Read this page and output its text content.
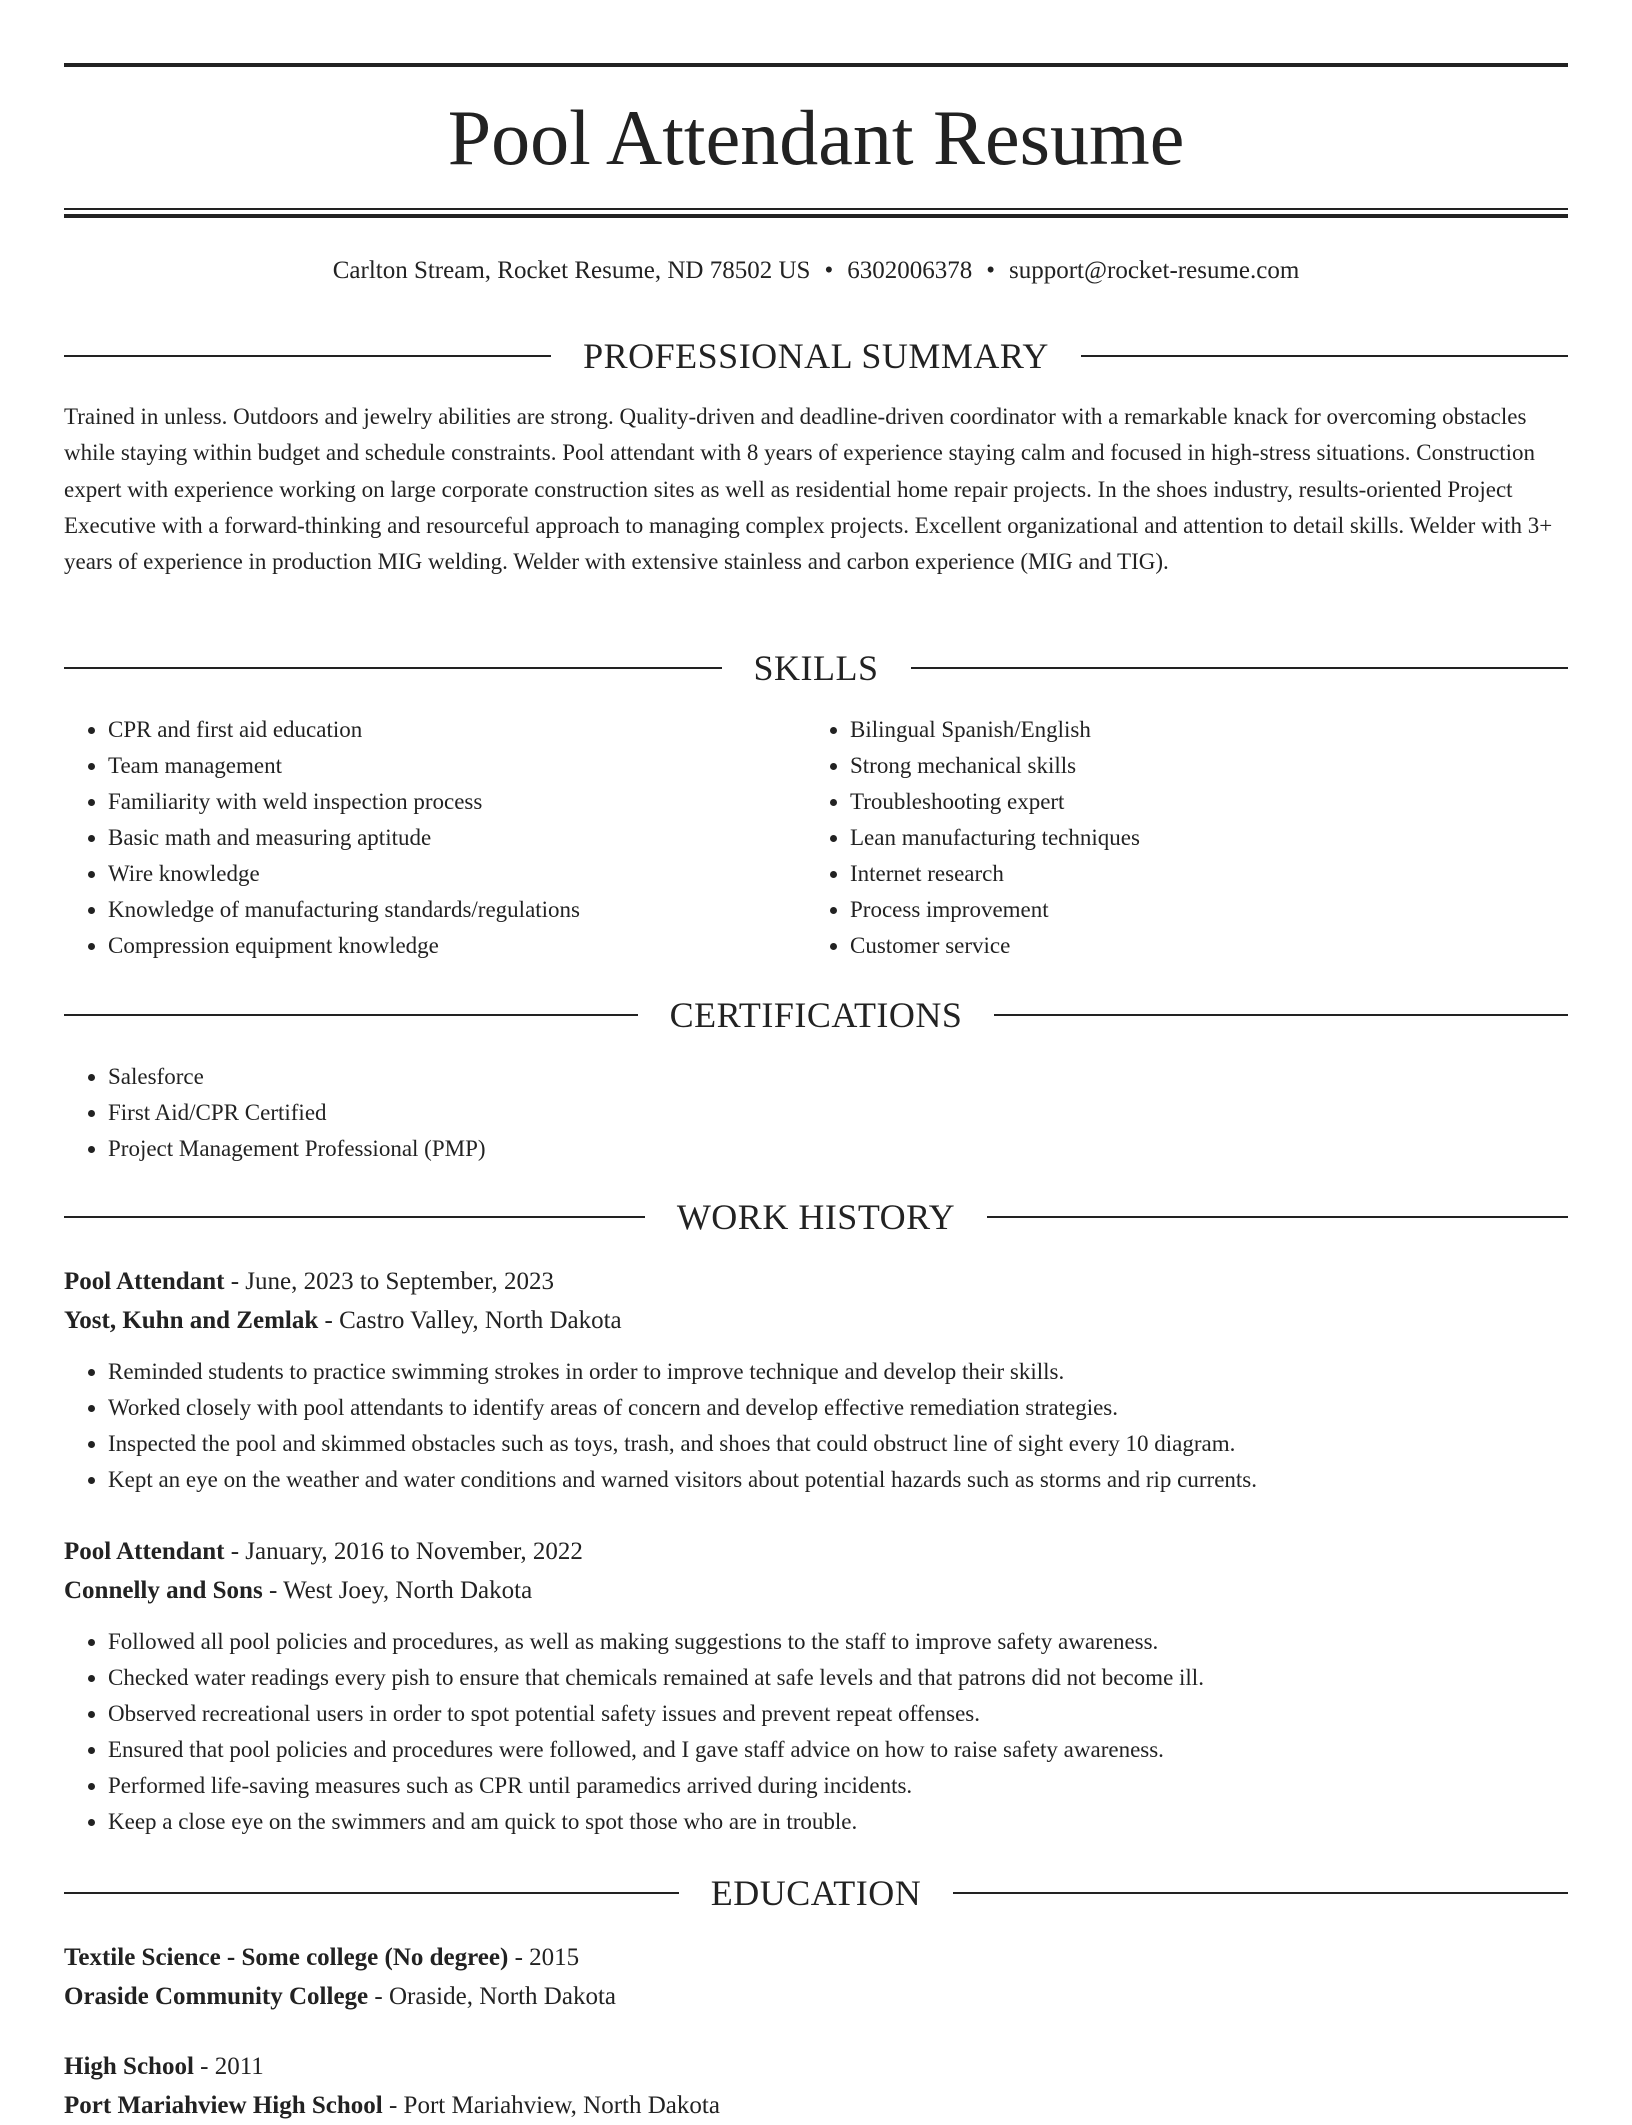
Pool Attendant Resume
Carlton Stream, Rocket Resume, ND 78502 US • 6302006378 • support@rocket-resume.com
PROFESSIONAL SUMMARY

Trained in unless. Outdoors and jewelry abilities are strong. Quality-driven and deadline-driven coordinator with a remarkable knack for overcoming obstacles while staying within budget and schedule constraints. Pool attendant with 8 years of experience staying calm and focused in high-stress situations. Construction expert with experience working on large corporate construction sites as well as residential home repair projects. In the shoes industry, results-oriented Project Executive with a forward-thinking and resourceful approach to managing complex projects. Excellent organizational and attention to detail skills. Welder with 3+ years of experience in production MIG welding. Welder with extensive stainless and carbon experience (MIG and TIG).

SKILLS
• CPR and first aid education
• Team management
• Familiarity with weld inspection process
• Basic math and measuring aptitude
• Wire knowledge
• Knowledge of manufacturing standards/regulations
• Compression equipment knowledge
• Bilingual Spanish/English
• Strong mechanical skills
• Troubleshooting expert
• Lean manufacturing techniques
• Internet research
• Process improvement
• Customer service
CERTIFICATIONS
• Salesforce
• First Aid/CPR Certified
• Project Management Professional (PMP)
WORK HISTORY
Pool Attendant - June, 2023 to September, 2023
Yost, Kuhn and Zemlak - Castro Valley, North Dakota
• Reminded students to practice swimming strokes in order to improve technique and develop their skills.
• Worked closely with pool attendants to identify areas of concern and develop effective remediation strategies.
• Inspected the pool and skimmed obstacles such as toys, trash, and shoes that could obstruct line of sight every 10 diagram.
• Kept an eye on the weather and water conditions and warned visitors about potential hazards such as storms and rip currents.
Pool Attendant - January, 2016 to November, 2022
Connelly and Sons - West Joey, North Dakota
• Followed all pool policies and procedures, as well as making suggestions to the staff to improve safety awareness.
• Checked water readings every pish to ensure that chemicals remained at safe levels and that patrons did not become ill.
• Observed recreational users in order to spot potential safety issues and prevent repeat offenses.
• Ensured that pool policies and procedures were followed, and I gave staff advice on how to raise safety awareness.
• Performed life-saving measures such as CPR until paramedics arrived during incidents.
• Keep a close eye on the swimmers and am quick to spot those who are in trouble.
EDUCATION
Textile Science - Some college (No degree) - 2015
Oraside Community College - Oraside, North Dakota
High School - 2011
Port Mariahview High School - Port Mariahview, North Dakota
